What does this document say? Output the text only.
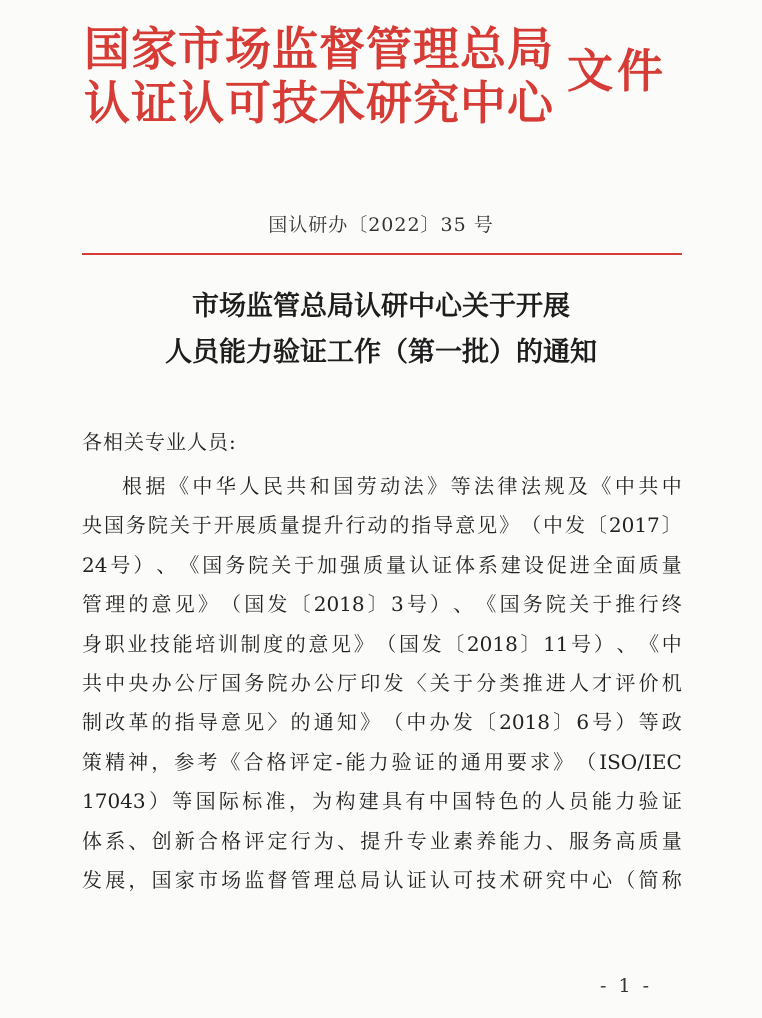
国家市场监督管理总局
认证认可技术研究中心
文件
国认研办〔2022〕35 号
市场监管总局认研中心关于开展
人员能力验证工作（第一批）的通知
各相关专业人员:
根 据 《 中 华 人 民 共 和 国 劳 动 法 》 等 法 律 法 规 及 《 中 共 中
央 国 务 院 关 于 开 展 质 量 提 升 行 动 的 指 导 意 见 》 （ 中 发 〔 2017 〕
24 号 ） 、 《 国 务 院 关 于 加 强 质 量 认 证 体 系 建 设 促 进 全 面 质 量
管 理 的 意 见 》 （ 国 发 〔 2018 〕 3 号 ） 、 《 国 务 院 关 于 推 行 终
身 职 业 技 能 培 训 制 度 的 意 见 》 （ 国 发 〔 2018 〕 11 号 ） 、 《 中
共 中 央 办 公 厅 国 务 院 办 公 厅 印 发 〈 关 于 分 类 推 进 人 才 评 价 机
制 改 革 的 指 导 意 见 〉 的 通 知 》 （ 中 办 发 〔 2018 〕 6 号 ） 等 政
策 精 神 ， 参 考 《 合 格 评 定 - 能 力 验 证 的 通 用 要 求 》 （ ISO/IEC
17043 ） 等 国 际 标 准 ， 为 构 建 具 有 中 国 特 色 的 人 员 能 力 验 证
体 系 、 创 新 合 格 评 定 行 为 、 提 升 专 业 素 养 能 力 、 服 务 高 质 量
发 展 ， 国 家 市 场 监 督 管 理 总 局 认 证 认 可 技 术 研 究 中 心 （ 简 称
- 1 -
